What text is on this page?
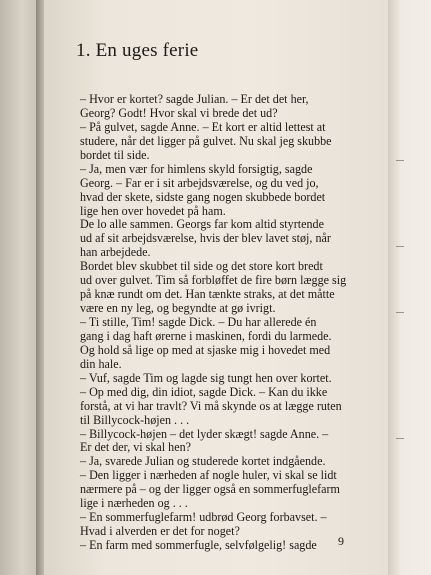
1. En uges ferie
– Hvor er kortet? sagde Julian. – Er det det her,
Georg? Godt! Hvor skal vi brede det ud?
– På gulvet, sagde Anne. – Et kort er altid lettest at
studere, når det ligger på gulvet. Nu skal jeg skubbe
bordet til side.
– Ja, men vær for himlens skyld forsigtig, sagde
Georg. – Far er i sit arbejdsværelse, og du ved jo,
hvad der skete, sidste gang nogen skubbede bordet
lige hen over hovedet på ham.
De lo alle sammen. Georgs far kom altid styrtende
ud af sit arbejdsværelse, hvis der blev lavet støj, når
han arbejdede.
Bordet blev skubbet til side og det store kort bredt
ud over gulvet. Tim så forbløffet de fire børn lægge sig
på knæ rundt om det. Han tænkte straks, at det måtte
være en ny leg, og begyndte at gø ivrigt.
– Ti stille, Tim! sagde Dick. – Du har allerede én
gang i dag haft ørerne i maskinen, fordi du larmede.
Og hold så lige op med at sjaske mig i hovedet med
din hale.
– Vuf, sagde Tim og lagde sig tungt hen over kortet.
– Op med dig, din idiot, sagde Dick. – Kan du ikke
forstå, at vi har travlt? Vi må skynde os at lægge ruten
til Billycock-højen . . .
– Billycock-højen – det lyder skægt! sagde Anne. –
Er det der, vi skal hen?
– Ja, svarede Julian og studerede kortet indgående.
– Den ligger i nærheden af nogle huler, vi skal se lidt
nærmere på – og der ligger også en sommerfuglefarm
lige i nærheden og . . .
– En sommerfuglefarm! udbrød Georg forbavset. –
Hvad i alverden er det for noget?
– En farm med sommerfugle, selvfølgelig! sagde	9
